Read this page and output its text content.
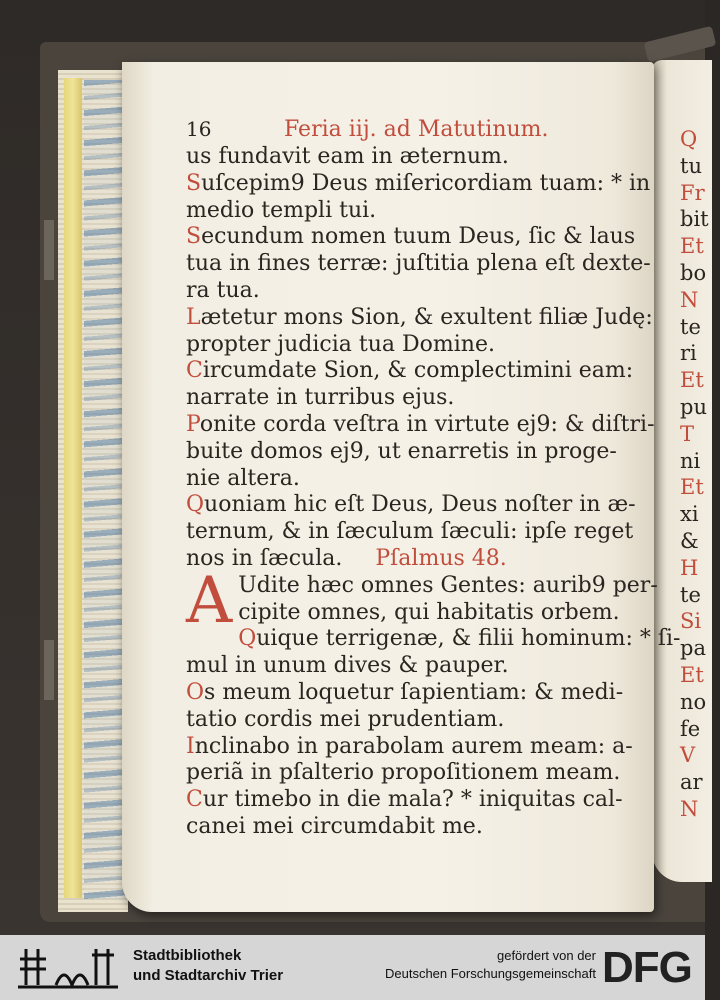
16	Feria iij. ad Matutinum.
us fundavit eam in æternum.
Suſcepim9 Deus miſericordiam tuam: * in
medio templi tui.
Secundum nomen tuum Deus, ſic & laus
tua in fines terræ: juſtitia plena eſt dexte-
ra tua.
Lætetur mons Sion, & exultent filiæ Judę:
propter judicia tua Domine.
Circumdate Sion, & complectimini eam:
narrate in turribus ejus.
Ponite corda veſtra in virtute ej9: & diſtri-
buite domos ej9, ut enarretis in proge-
nie altera.
Quoniam hic eſt Deus, Deus noſter in æ-
ternum, & in ſæculum ſæculi: ipſe reget
nos in ſæcula. Pſalmus 48.
A Udite hæc omnes Gentes: aurib9 per-
cipite omnes, qui habitatis orbem.
Quique terrigenæ, & filii hominum: * ſi-
mul in unum dives & pauper.
Os meum loquetur ſapientiam: & medi-
tatio cordis mei prudentiam.
Inclinabo in parabolam aurem meam: a-
periã in pſalterio propoſitionem meam.
Cur timebo in die mala? * iniquitas cal-
canei mei circumdabit me.
Q
tu
Fr
bit
Et
bo
N
te
ri
Et
pu
T
ni
Et
xi
&
H
te
Si
pa
Et
no
fe
V
ar
N
Stadtbibliothek
und Stadtarchiv Trier
gefördert von der
Deutschen Forschungsgemeinschaft DFG
